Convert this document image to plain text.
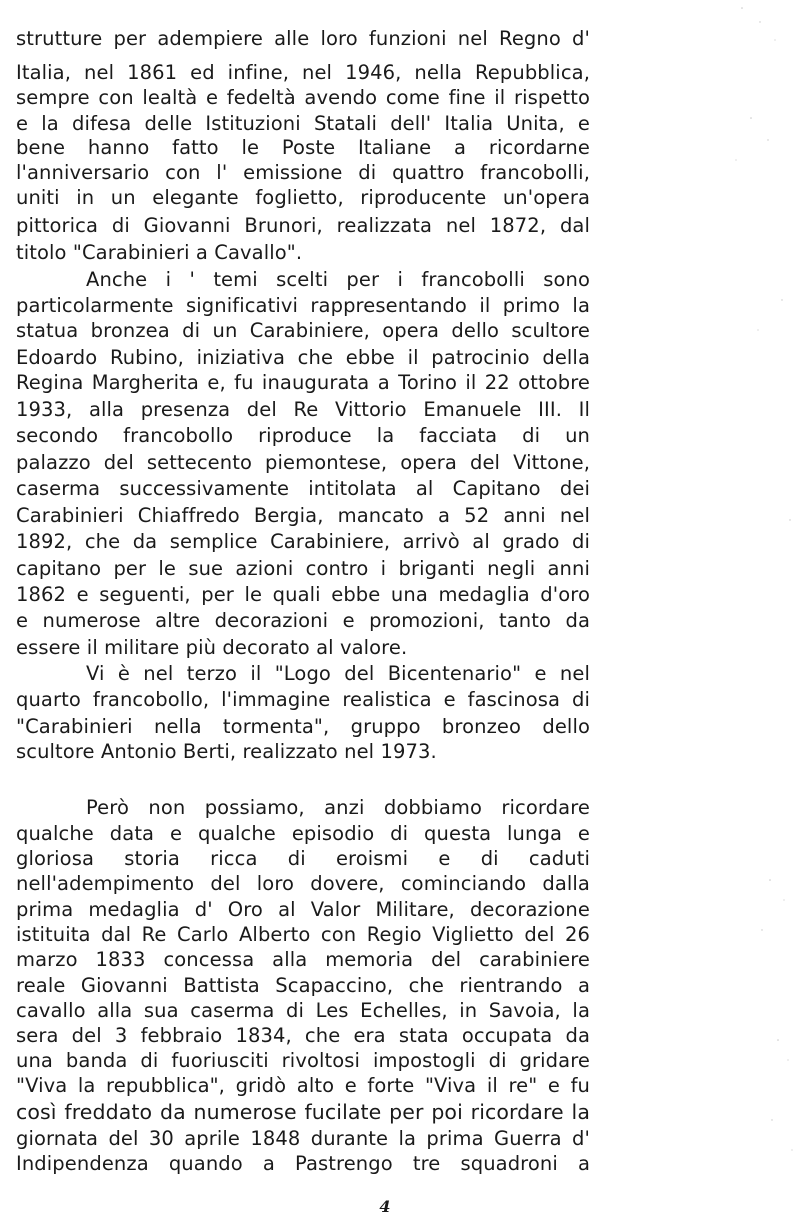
strutture per adempiere alle loro funzioni nel Regno d'
Italia, nel 1861 ed infine, nel 1946, nella Repubblica,
sempre con lealtà e fedeltà avendo come fine il rispetto
e la difesa delle Istituzioni Statali dell' Italia Unita, e
bene hanno fatto le Poste Italiane a ricordarne
l'anniversario con l' emissione di quattro francobolli,
uniti in un elegante foglietto, riproducente un'opera
pittorica di Giovanni Brunori, realizzata nel 1872, dal
titolo "Carabinieri a Cavallo".
Anche i ' temi scelti per i francobolli sono
particolarmente significativi rappresentando il primo la
statua bronzea di un Carabiniere, opera dello scultore
Edoardo Rubino, iniziativa che ebbe il patrocinio della
Regina Margherita e, fu inaugurata a Torino il 22 ottobre
1933, alla presenza del Re Vittorio Emanuele III. Il
secondo francobollo riproduce la facciata di un
palazzo del settecento piemontese, opera del Vittone,
caserma successivamente intitolata al Capitano dei
Carabinieri Chiaffredo Bergia, mancato a 52 anni nel
1892, che da semplice Carabiniere, arrivò al grado di
capitano per le sue azioni contro i briganti negli anni
1862 e seguenti, per le quali ebbe una medaglia d'oro
e numerose altre decorazioni e promozioni, tanto da
essere il militare più decorato al valore.
Vi è nel terzo il "Logo del Bicentenario" e nel
quarto francobollo, l'immagine realistica e fascinosa di
"Carabinieri nella tormenta", gruppo bronzeo dello
scultore Antonio Berti, realizzato nel 1973.
Però non possiamo, anzi dobbiamo ricordare
qualche data e qualche episodio di questa lunga e
gloriosa storia ricca di eroismi e di caduti
nell'adempimento del loro dovere, cominciando dalla
prima medaglia d' Oro al Valor Militare, decorazione
istituita dal Re Carlo Alberto con Regio Viglietto del 26
marzo 1833 concessa alla memoria del carabiniere
reale Giovanni Battista Scapaccino, che rientrando a
cavallo alla sua caserma di Les Echelles, in Savoia, la
sera del 3 febbraio 1834, che era stata occupata da
una banda di fuoriusciti rivoltosi impostogli di gridare
"Viva la repubblica", gridò alto e forte "Viva il re" e fu
così freddato da numerose fucilate per poi ricordare la
giornata del 30 aprile 1848 durante la prima Guerra d'
Indipendenza quando a Pastrengo tre squadroni a
4
